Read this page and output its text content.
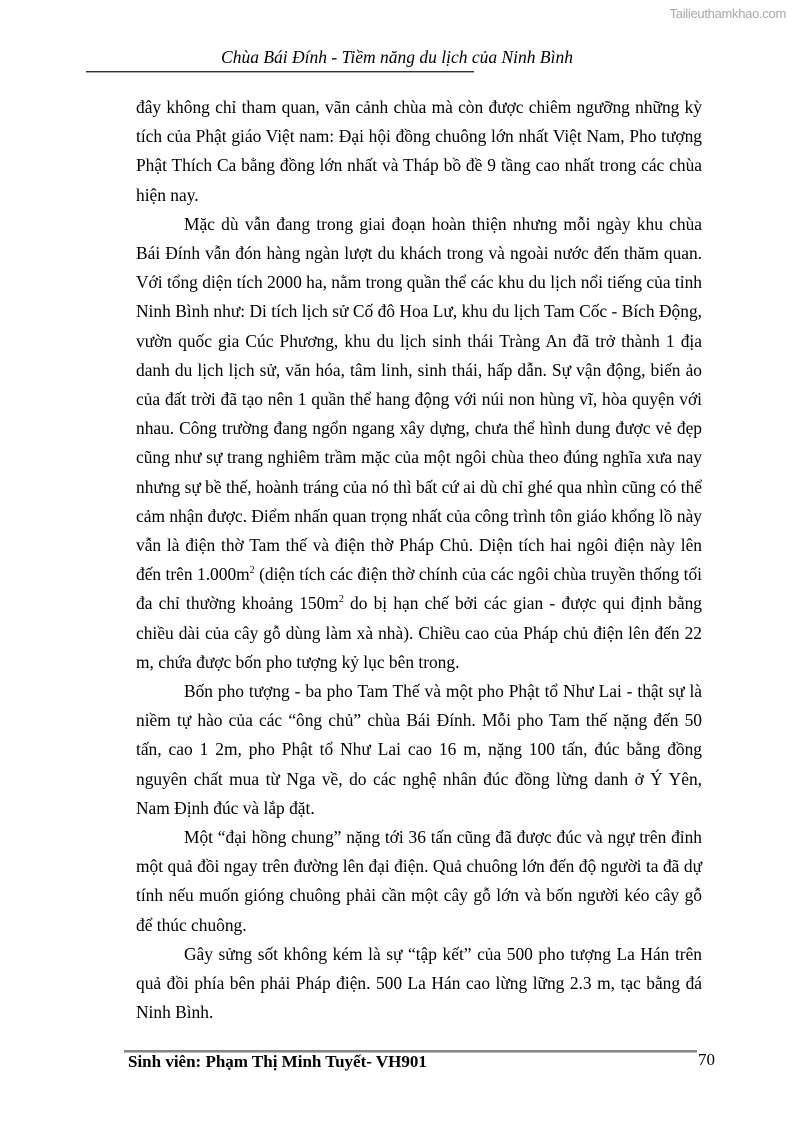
Tailieuthamkhao.com
Chùa Bái Đính - Tiềm năng du lịch của Ninh Bình

đây không chỉ tham quan, vãn cảnh chùa mà còn được chiêm ngưỡng những kỳ tích của Phật giáo Việt nam: Đại hội đồng chuông lớn nhất Việt Nam, Pho tượng Phật Thích Ca bằng đồng lớn nhất và Tháp bồ đề 9 tầng cao nhất trong các chùa hiện nay.

Mặc dù vẫn đang trong giai đoạn hoàn thiện nhưng mỗi ngày khu chùa Bái Đính vẫn đón hàng ngàn lượt du khách trong và ngoài nước đến thăm quan. Với tổng diện tích 2000 ha, nằm trong quần thể các khu du lịch nổi tiếng của tỉnh Ninh Bình như: Di tích lịch sử Cố đô Hoa Lư, khu du lịch Tam Cốc - Bích Động, vườn quốc gia Cúc Phương, khu du lịch sinh thái Tràng An đã trở thành 1 địa danh du lịch lịch sử, văn hóa, tâm linh, sinh thái, hấp dẫn. Sự vận động, biến ảo của đất trời đã tạo nên 1 quần thể hang động với núi non hùng vĩ, hòa quyện với nhau. Công trường đang ngổn ngang xây dựng, chưa thể hình dung được vẻ đẹp cũng như sự trang nghiêm trầm mặc của một ngôi chùa theo đúng nghĩa xưa nay nhưng sự bề thế, hoành tráng của nó thì bất cứ ai dù chỉ ghé qua nhìn cũng có thể cảm nhận được. Điểm nhấn quan trọng nhất của công trình tôn giáo khổng lồ này vẫn là điện thờ Tam thế và điện thờ Pháp Chủ. Diện tích hai ngôi điện này lên đến trên $1.000m^2$ (diện tích các điện thờ chính của các ngôi chùa truyền thống tối đa chỉ thường khoảng $150m^2$ do bị hạn chế bởi các gian - được qui định bằng chiều dài của cây gỗ dùng làm xà nhà). Chiều cao của Pháp chủ điện lên đến 22 m, chứa được bốn pho tượng kỷ lục bên trong.

Bốn pho tượng - ba pho Tam Thế và một pho Phật tổ Như Lai - thật sự là niềm tự hào của các “ông chủ” chùa Bái Đính. Mỗi pho Tam thế nặng đến 50 tấn, cao 1 2m, pho Phật tổ Như Lai cao 16 m, nặng 100 tấn, đúc bằng đồng nguyên chất mua từ Nga về, do các nghệ nhân đúc đồng lừng danh ở Ý Yên, Nam Định đúc và lắp đặt.

Một “đại hồng chung” nặng tới 36 tấn cũng đã được đúc và ngự trên đỉnh một quả đồi ngay trên đường lên đại điện. Quả chuông lớn đến độ người ta đã dự tính nếu muốn gióng chuông phải cần một cây gỗ lớn và bốn người kéo cây gỗ để thúc chuông.

Gây sửng sốt không kém là sự “tập kết” của 500 pho tượng La Hán trên quả đồi phía bên phải Pháp điện. 500 La Hán cao lừng lững 2.3 m, tạc bằng đá Ninh Bình.

Sinh viên: Phạm Thị Minh Tuyết- VH901	70
